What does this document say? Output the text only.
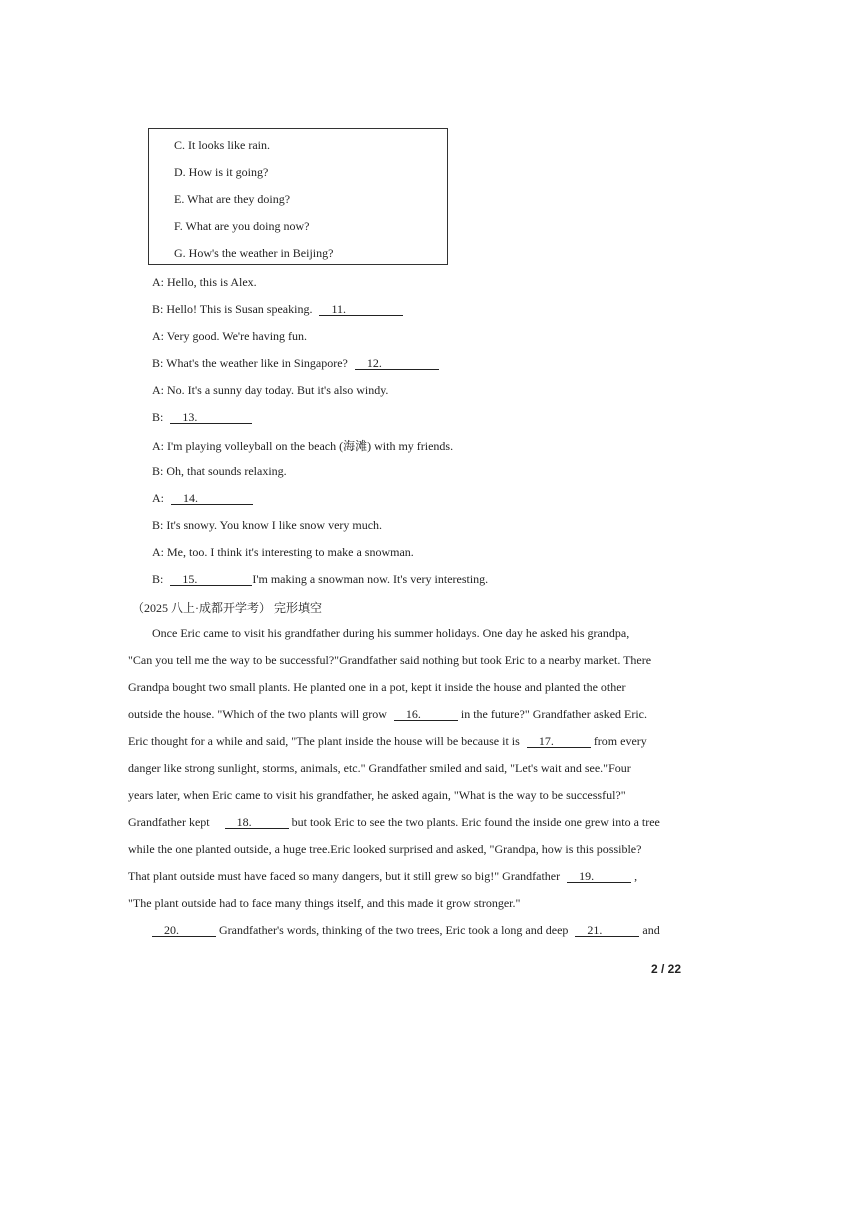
C. It looks like rain.
D. How is it going?
E. What are they doing?
F. What are you doing now?
G. How's the weather in Beijing?
A: Hello, this is Alex.
B: Hello! This is Susan speaking. 11.
A: Very good. We're having fun.
B: What's the weather like in Singapore? 12.
A: No. It's a sunny day today. But it's also windy.
B: 13.
A: I'm playing volleyball on the beach (海滩) with my friends.
B: Oh, that sounds relaxing.
A: 14.
B: It's snowy. You know I like snow very much.
A: Me, too. I think it's interesting to make a snowman.
B: 15.	I'm making a snowman now. It's very interesting.
（2025 八上·成都开学考） 完形填空
Once Eric came to visit his grandfather during his summer holidays. One day he asked his grandpa,
"Can you tell me the way to be successful?"Grandfather said nothing but took Eric to a nearby market. There
Grandpa bought two small plants. He planted one in a pot, kept it inside the house and planted the other
outside the house. "Which of the two plants will grow 16.	in the future?" Grandfather asked Eric.
Eric thought for a while and said, "The plant inside the house will be because it is 17.	from every
danger like strong sunlight, storms, animals, etc." Grandfather smiled and said, "Let's wait and see."Four
years later, when Eric came to visit his grandfather, he asked again, "What is the way to be successful?"
Grandfather kept 18.	but took Eric to see the two plants. Eric found the inside one grew into a tree
while the one planted outside, a huge tree.Eric looked surprised and asked, "Grandpa, how is this possible?
That plant outside must have faced so many dangers, but it still grew so big!" Grandfather 19.	,
"The plant outside had to face many things itself, and this made it grow stronger."
20.	Grandfather's words, thinking of the two trees, Eric took a long and deep 21.	and
2 / 22
